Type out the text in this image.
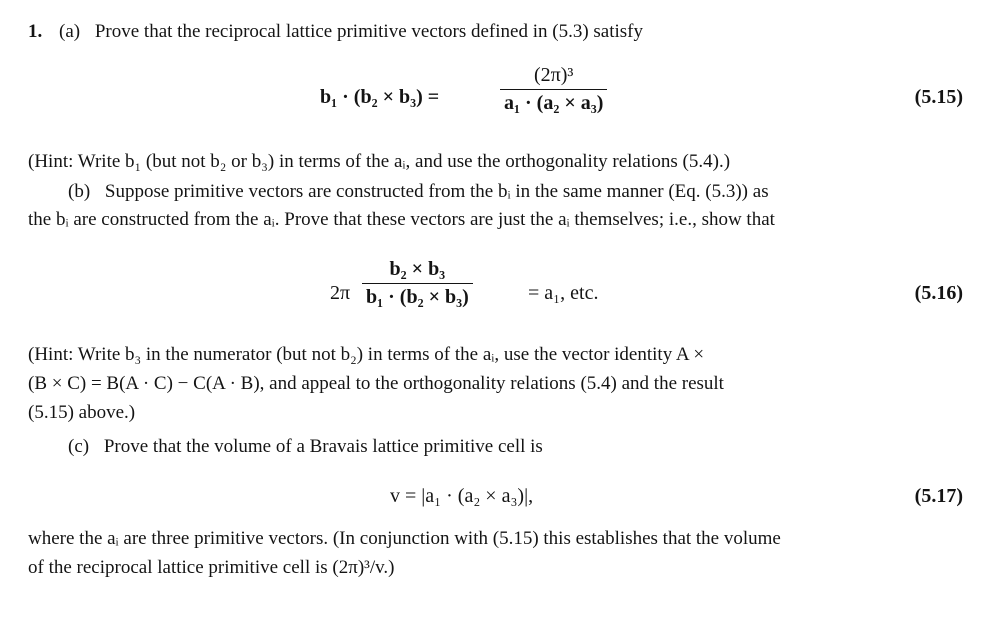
1. (a) Prove that the reciprocal lattice primitive vectors defined in (5.3) satisfy
b₁ · (b₂ × b₃) =	$\frac{\text{(2π)³}}{\text{a₁ · (a₂ × a₃)}}$	(5.15)
(Hint: Write b₁ (but not b₂ or b₃) in terms of the aᵢ, and use the orthogonality relations (5.4).)
(b) Suppose primitive vectors are constructed from the bᵢ in the same manner (Eq. (5.3)) as
the bᵢ are constructed from the aᵢ. Prove that these vectors are just the aᵢ themselves; i.e., show that
$2\pi \frac{\text{b₂ × b₃}}{\text{b₁ · (b₂ × b₃)}}$	= a₁, etc.	(5.16)
(Hint: Write b₃ in the numerator (but not b₂) in terms of the aᵢ, use the vector identity A ×
(B × C) = B(A · C) − C(A · B), and appeal to the orthogonality relations (5.4) and the result
(5.15) above.)
(c) Prove that the volume of a Bravais lattice primitive cell is
v = |a₁ · (a₂ × a₃)|,	(5.17)
where the aᵢ are three primitive vectors. (In conjunction with (5.15) this establishes that the volume
of the reciprocal lattice primitive cell is (2π)³/v.)
